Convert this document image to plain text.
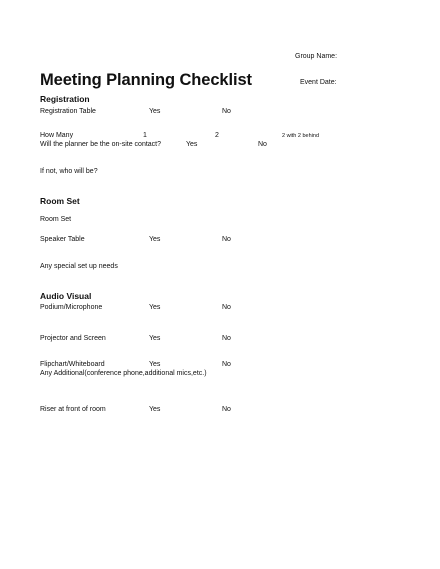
Group Name:
Meeting Planning Checklist	Event Date:
Registration
Registration Table	Yes	No
How Many	1	2	2 with 2 behind
Will the planner be the on-site contact?	Yes	No
If not, who will be?
Room Set
Room Set
Speaker Table	Yes	No
Any special set up needs
Audio Visual
Podium/Microphone	Yes	No
Projector and Screen	Yes	No
Flipchart/Whiteboard	Yes	No
Any Additional(conference phone,additional mics,etc.)
Riser at front of room	Yes	No
